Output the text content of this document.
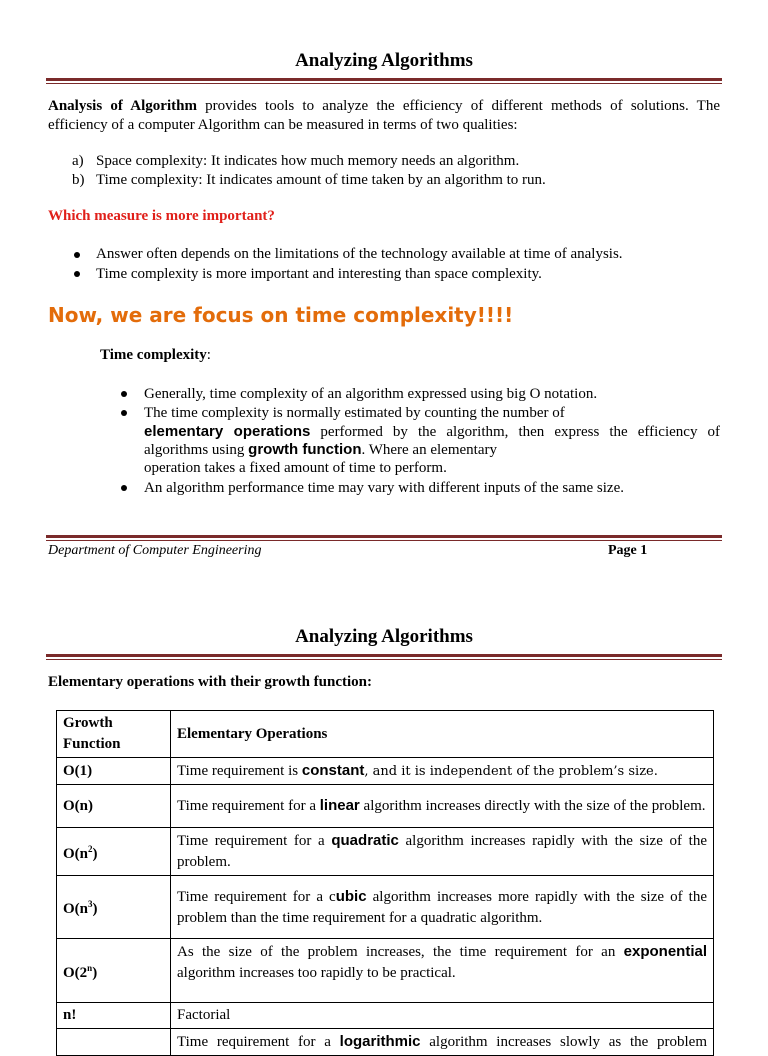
Analyzing Algorithms
Analysis of Algorithm provides tools to analyze the efficiency of different methods of solutions. The efficiency of a computer Algorithm can be measured in terms of two qualities:
a) Space complexity: It indicates how much memory needs an algorithm.
b) Time complexity: It indicates amount of time taken by an algorithm to run.
Which measure is more important?
Answer often depends on the limitations of the technology available at time of analysis.
Time complexity is more important and interesting than space complexity.
Now, we are focus on time complexity!!!!
Time complexity:
Generally, time complexity of an algorithm expressed using big O notation.
The time complexity is normally estimated by counting the number of
elementary operations performed by the algorithm, then express the efficiency of
algorithms using growth function. Where an elementary
operation takes a fixed amount of time to perform.
An algorithm performance time may vary with different inputs of the same size.
Department of Computer Engineering	Page 1
Analyzing Algorithms
Elementary operations with their growth function:
Growth
Function	Elementary Operations
O(1)	Time requirement is constant, and it is independent of the problem’s size.
O(n)	Time requirement for a linear algorithm increases directly with the size of the problem.
$O(n^2)$	Time requirement for a quadratic algorithm increases rapidly with the size of the problem.
$O(n^3)$	Time requirement for a cubic algorithm increases more rapidly with the size of the problem than the time requirement for a quadratic algorithm.
O(2$^n$)	As the size of the problem increases, the time requirement for an exponential algorithm increases too rapidly to be practical.
n!	Factorial
	Time requirement for a logarithmic algorithm increases slowly as the problem
